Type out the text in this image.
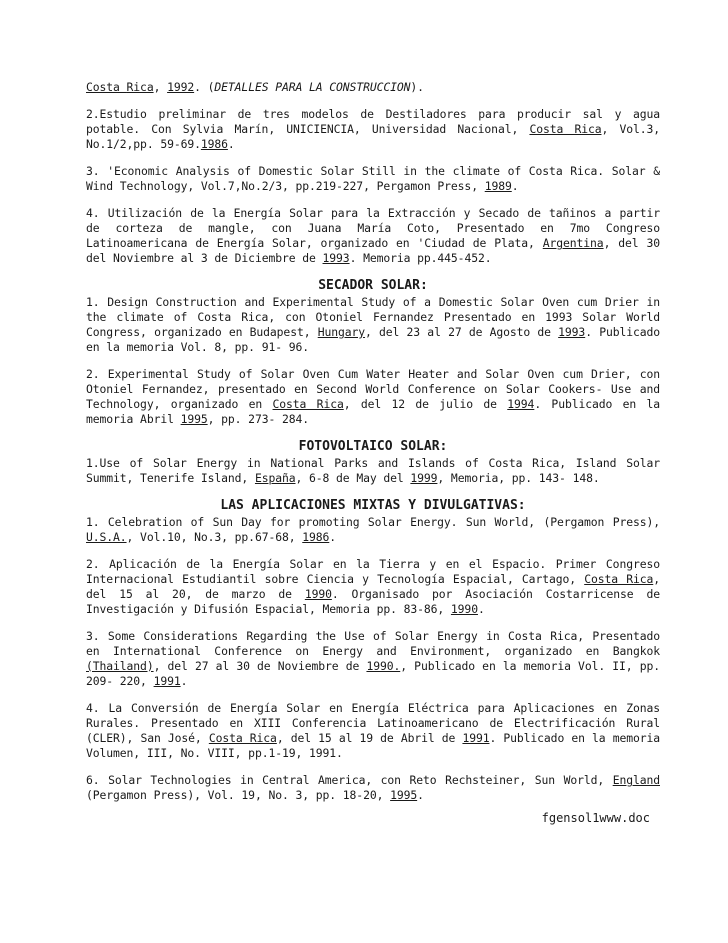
Costa Rica, 1992. (DETALLES PARA LA CONSTRUCCION).

2.Estudio preliminar de tres modelos de Destiladores para producir sal y agua potable. Con Sylvia Marín, UNICIENCIA, Universidad Nacional, Costa Rica, Vol.3, No.1/2,pp. 59-69.1986.

3. 'Economic Analysis of Domestic Solar Still in the climate of Costa Rica. Solar & Wind Technology, Vol.7,No.2/3, pp.219-227, Pergamon Press, 1989.

4. Utilización de la Energía Solar para la Extracción y Secado de tañinos a partir de corteza de mangle, con Juana María Coto, Presentado en 7mo Congreso Latinoamericana de Energía Solar, organizado en 'Ciudad de Plata, Argentina, del 30 del Noviembre al 3 de Diciembre de 1993. Memoria pp.445-452.

SECADOR SOLAR:

1. Design Construction and Experimental Study of a Domestic Solar Oven cum Drier in the climate of Costa Rica, con Otoniel Fernandez Presentado en 1993 Solar World Congress, organizado en Budapest, Hungary, del 23 al 27 de Agosto de 1993. Publicado en la memoria Vol. 8, pp. 91- 96.

2. Experimental Study of Solar Oven Cum Water Heater and Solar Oven cum Drier, con Otoniel Fernandez, presentado en Second World Conference on Solar Cookers- Use and Technology, organizado en Costa Rica, del 12 de julio de 1994. Publicado en la memoria Abril 1995, pp. 273- 284.

FOTOVOLTAICO SOLAR:

1.Use of Solar Energy in National Parks and Islands of Costa Rica, Island Solar Summit, Tenerife Island, España, 6-8 de May del 1999, Memoria, pp. 143- 148.

LAS APLICACIONES MIXTAS Y DIVULGATIVAS:

1. Celebration of Sun Day for promoting Solar Energy. Sun World, (Pergamon Press), U.S.A., Vol.10, No.3, pp.67-68, 1986.

2. Aplicación de la Energía Solar en la Tierra y en el Espacio. Primer Congreso Internacional Estudiantil sobre Ciencia y Tecnología Espacial, Cartago, Costa Rica, del 15 al 20, de marzo de 1990. Organisado por Asociación Costarricense de Investigación y Difusión Espacial, Memoria pp. 83-86, 1990.

3. Some Considerations Regarding the Use of Solar Energy in Costa Rica, Presentado en International Conference on Energy and Environment, organizado en Bangkok (Thailand), del 27 al 30 de Noviembre de 1990., Publicado en la memoria Vol. II, pp. 209- 220, 1991.

4. La Conversión de Energía Solar en Energía Eléctrica para Aplicaciones en Zonas Rurales. Presentado en XIII Conferencia Latinoamericano de Electrificación Rural (CLER), San José, Costa Rica, del 15 al 19 de Abril de 1991. Publicado en la memoria Volumen, III, No. VIII, pp.1-19, 1991.

6. Solar Technologies in Central America, con Reto Rechsteiner, Sun World, England (Pergamon Press), Vol. 19, No. 3, pp. 18-20, 1995.

fgensol1www.doc
